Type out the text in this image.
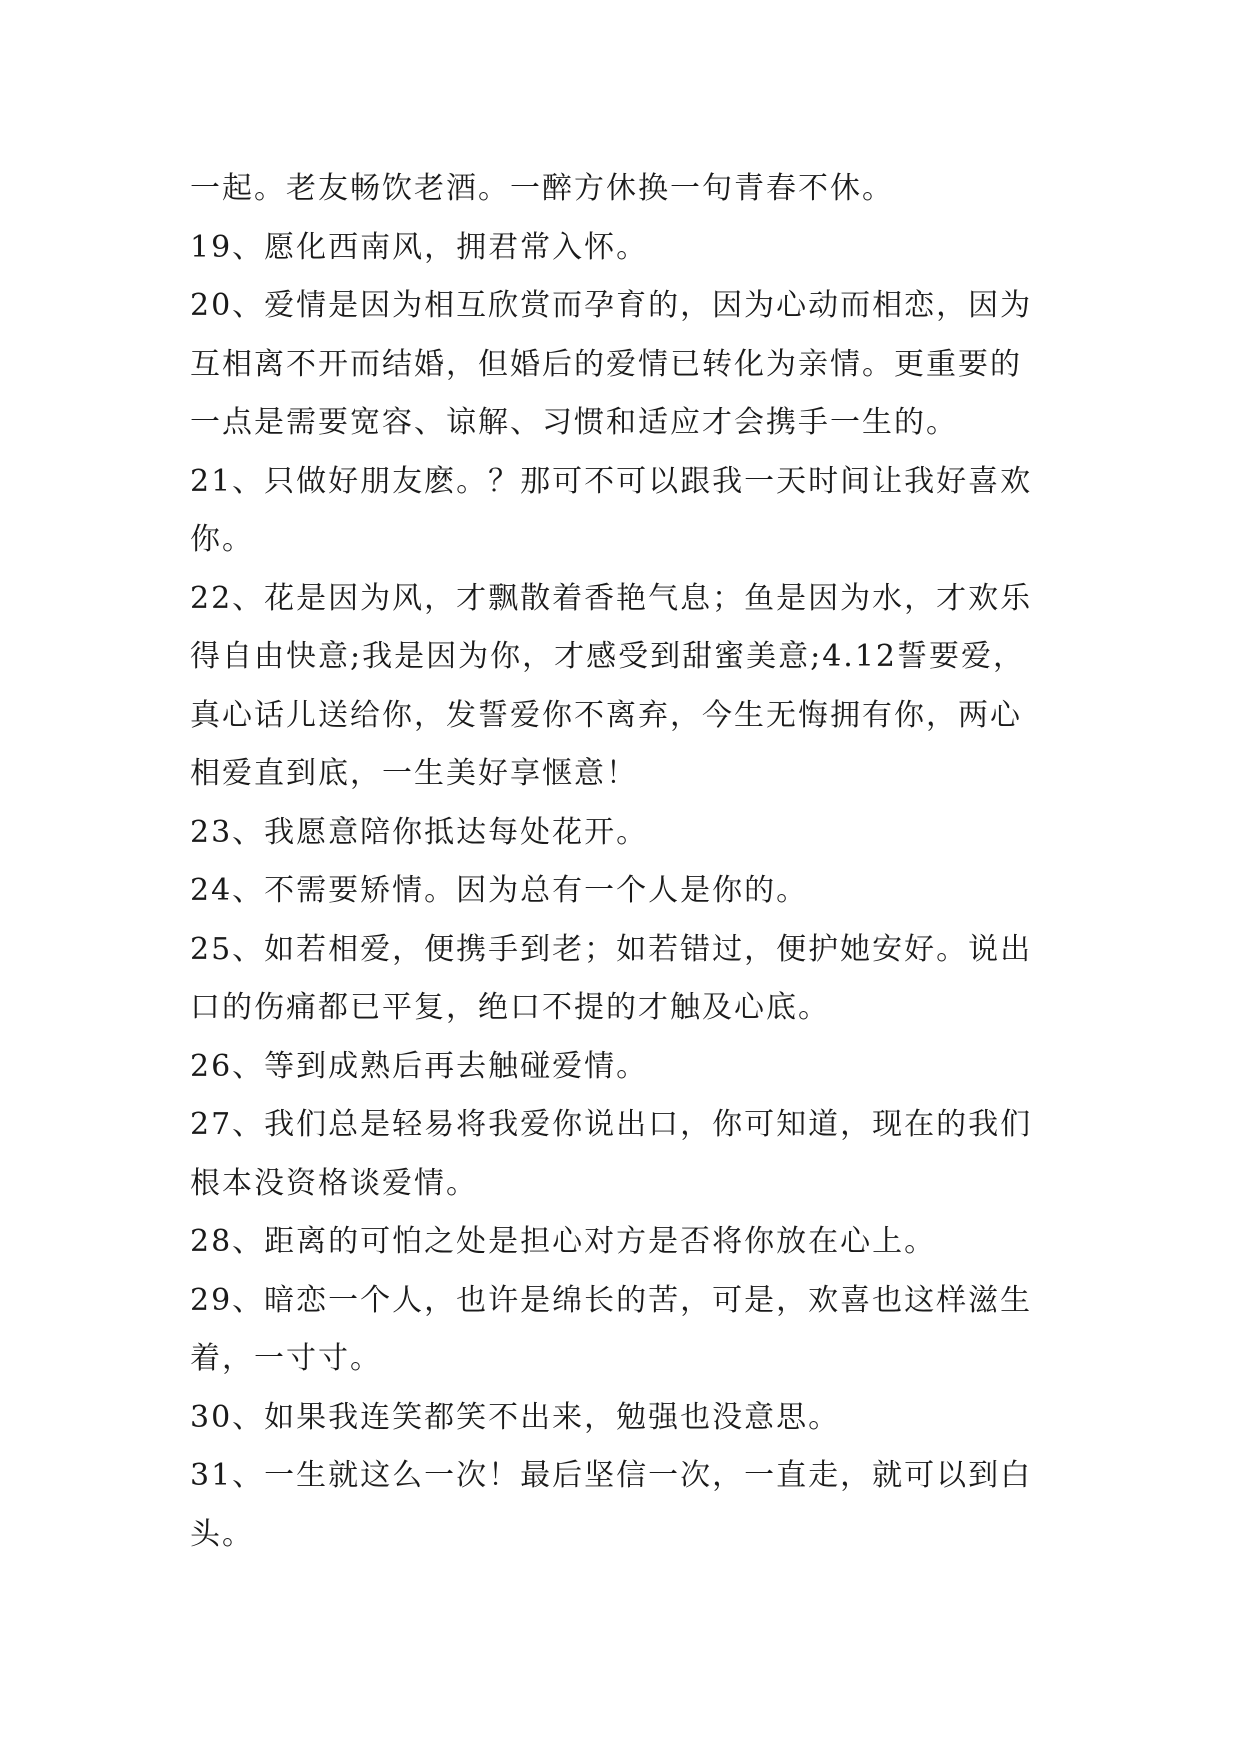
一起。老友畅饮老酒。一醉方休换一句青春不休。
19、愿化西南风，拥君常入怀。
20、爱情是因为相互欣赏而孕育的，因为心动而相恋，因为
互相离不开而结婚，但婚后的爱情已转化为亲情。更重要的
一点是需要宽容、谅解、习惯和适应才会携手一生的。
21、只做好朋友麽。？那可不可以跟我一天时间让我好喜欢
你。
22、花是因为风，才飘散着香艳气息；鱼是因为水，才欢乐
得自由快意;我是因为你，才感受到甜蜜美意;4.12誓要爱，
真心话儿送给你，发誓爱你不离弃，今生无悔拥有你，两心
相爱直到底，一生美好享惬意！
23、我愿意陪你抵达每处花开。
24、不需要矫情。因为总有一个人是你的。
25、如若相爱，便携手到老；如若错过，便护她安好。说出
口的伤痛都已平复，绝口不提的才触及心底。
26、等到成熟后再去触碰爱情。
27、我们总是轻易将我爱你说出口，你可知道，现在的我们
根本没资格谈爱情。
28、距离的可怕之处是担心对方是否将你放在心上。
29、暗恋一个人，也许是绵长的苦，可是，欢喜也这样滋生
着，一寸寸。
30、如果我连笑都笑不出来，勉强也没意思。
31、一生就这么一次！最后坚信一次，一直走，就可以到白
头。
